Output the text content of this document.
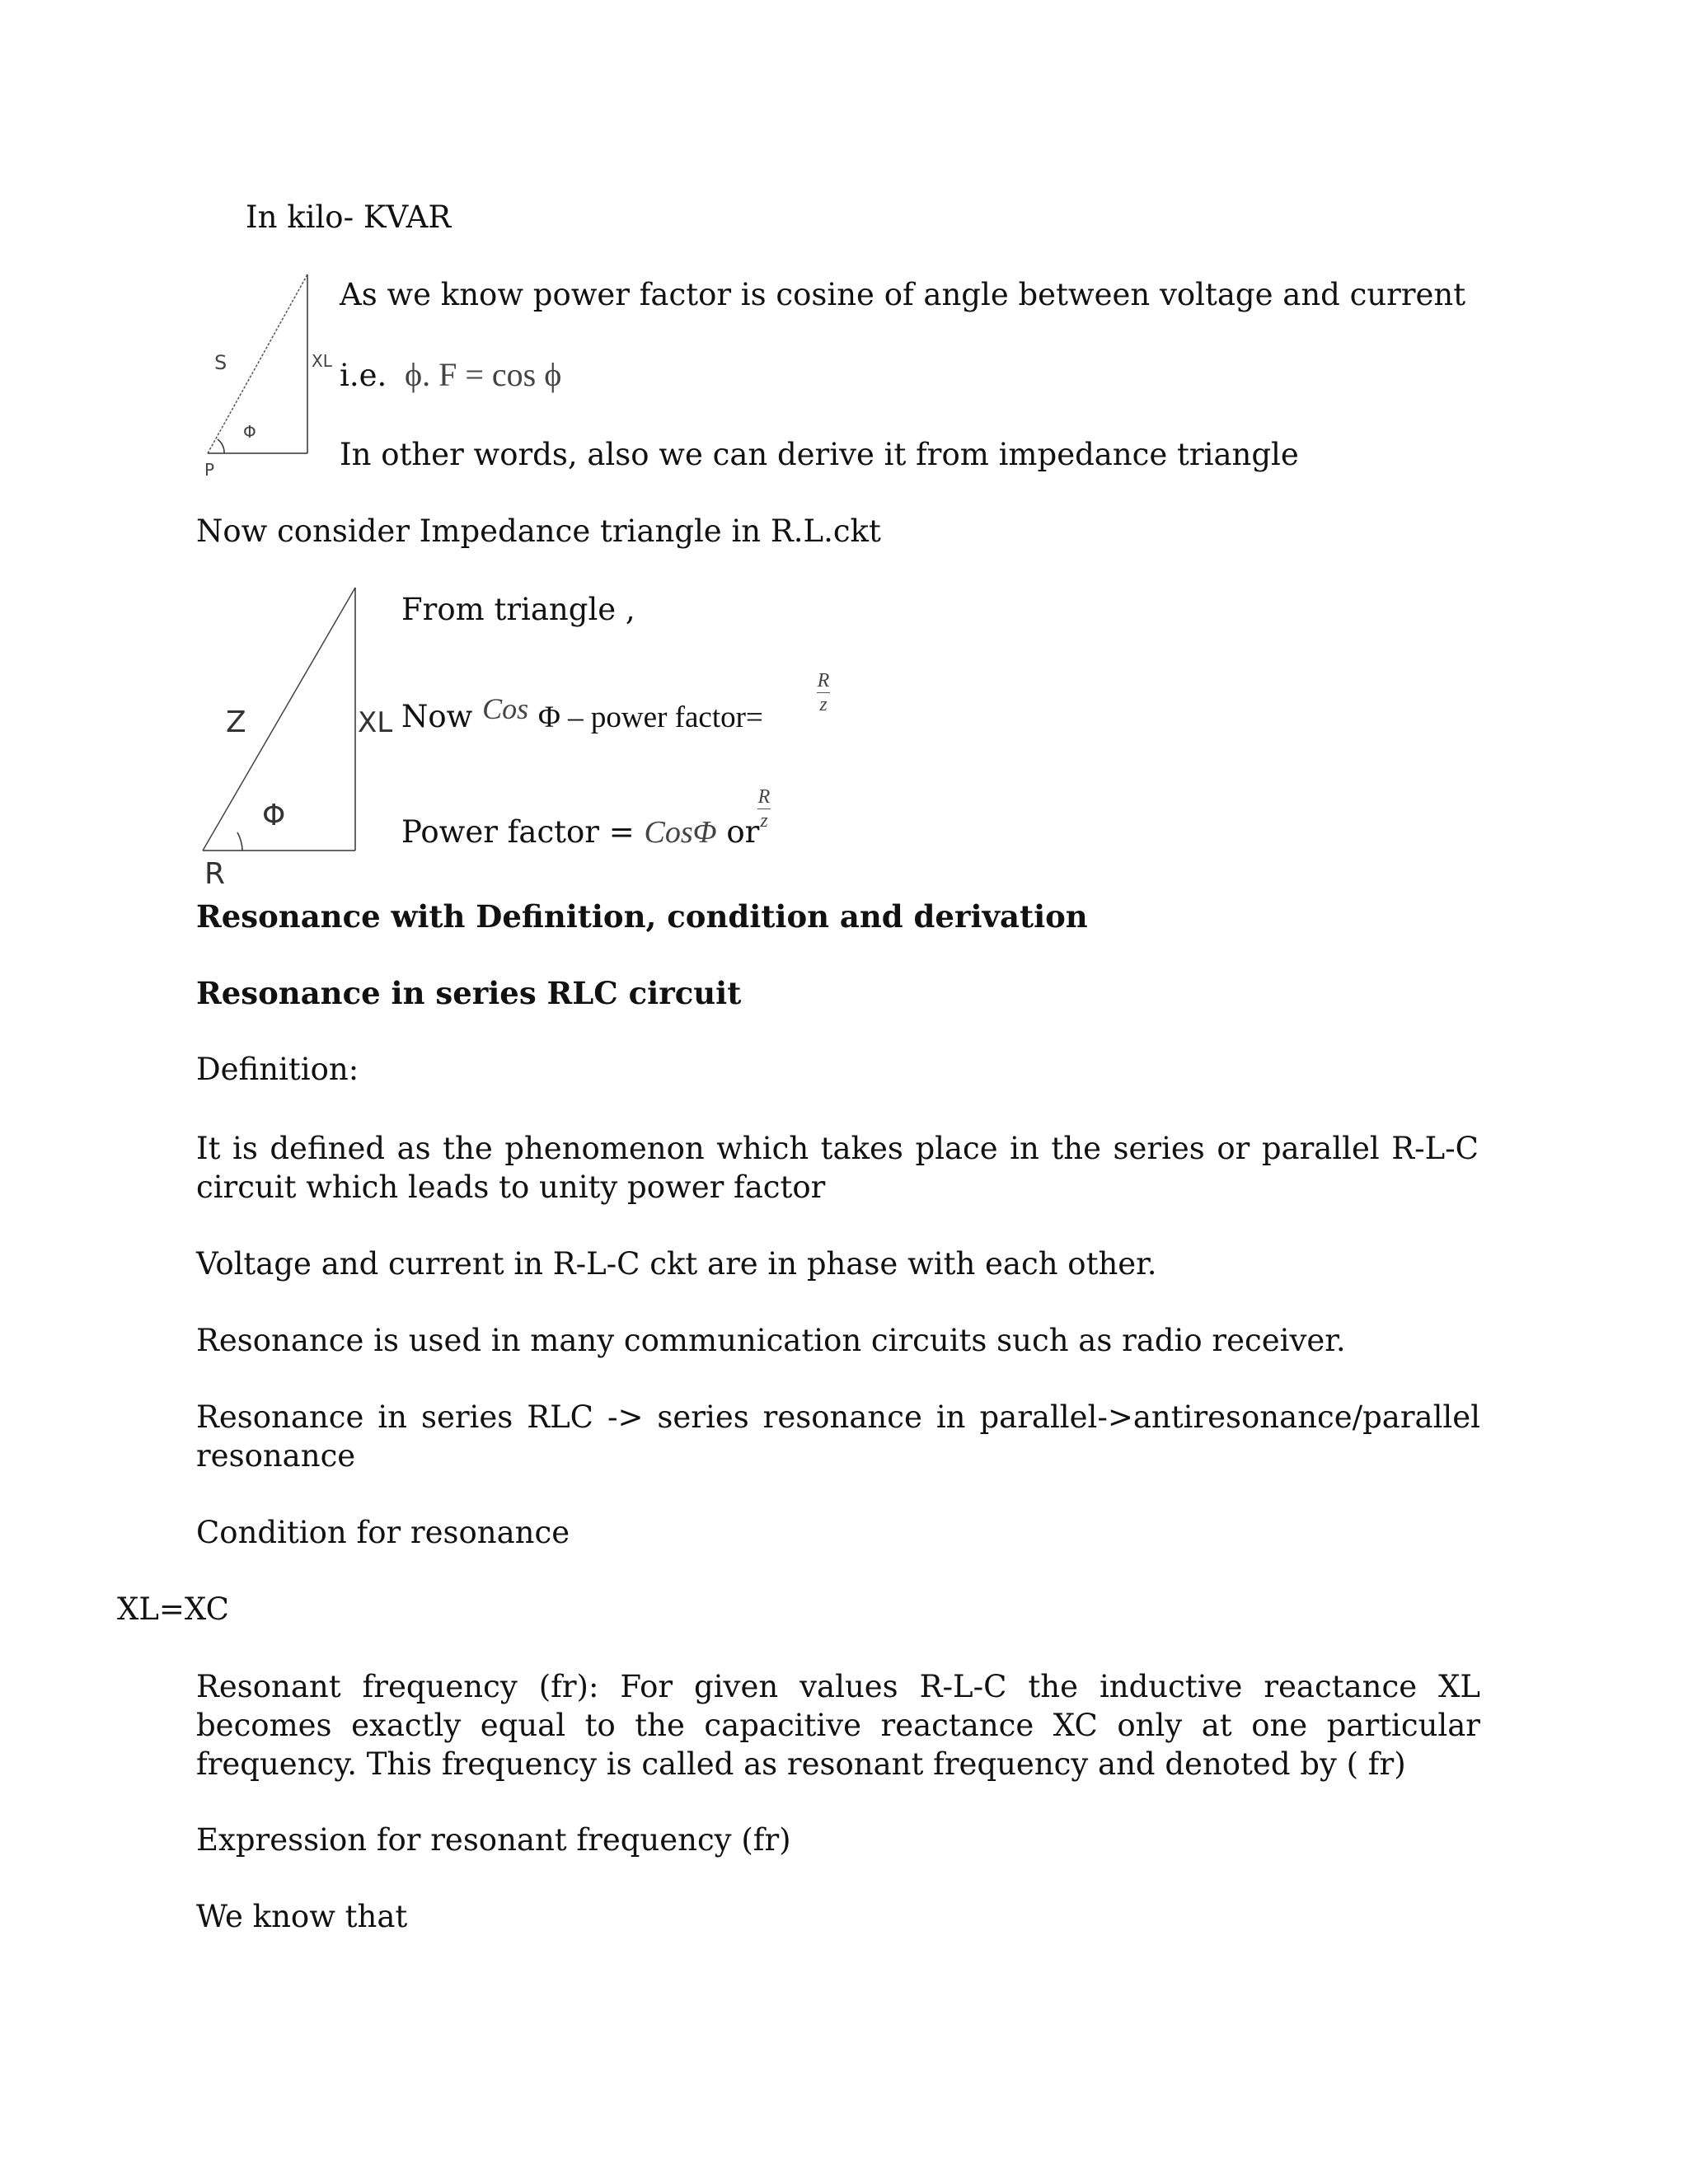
In kilo- KVAR
S	XL
Φ
P
As we know power factor is cosine of angle between voltage and current
i.e. ϕ. F = cos ϕ
In other words, also we can derive it from impedance triangle
Now consider Impedance triangle in R.L.ckt
Z	XL
Φ
R
From triangle ,
Now Cos Φ – power factor=
R
z
Power factor = CosΦ or
R
z
Resonance with Definition, condition and derivation
Resonance in series RLC circuit
Definition:
It is defined as the phenomenon which takes place in the series or parallel R-L-C circuit which leads to unity power factor
Voltage and current in R-L-C ckt are in phase with each other.
Resonance is used in many communication circuits such as radio receiver.
Resonance in series RLC -> series resonance in parallel->antiresonance/parallel resonance
Condition for resonance
XL=XC
Resonant frequency (fr): For given values R-L-C the inductive reactance XL becomes exactly equal to the capacitive reactance XC only at one particular frequency. This frequency is called as resonant frequency and denoted by ( fr)
Expression for resonant frequency (fr)
We know that
